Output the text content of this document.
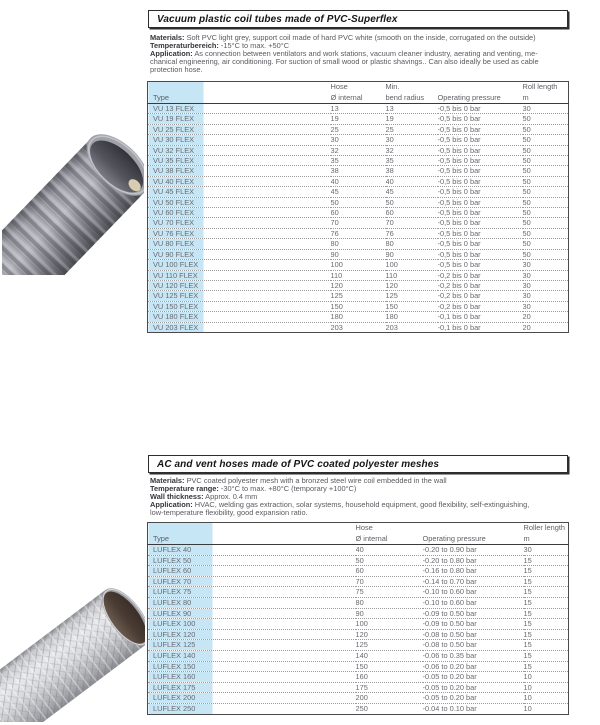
Vacuum plastic coil tubes made of PVC-Superflex
Materials: Soft PVC light grey, support coil made of hard PVC white (smooth on the inside, corrugated on the outside)
Temperaturbereich: -15°C to max. +50°C
Application: As connection between ventilators and work stations, vacuum cleaner industry, aerating and venting, me-
chanical engineering, air conditioning. For suction of small wood or plastic shavings.. Can also ideally be used as cable
protection hose.
	Hose	Min.		Roll length
Type	Ø internal	bend radius	Operating pressure	m
VU 13 FLEX	13	13	-0,5 bis 0 bar	30
VU 19 FLEX	19	19	-0,5 bis 0 bar	50
VU 25 FLEX	25	25	-0,5 bis 0 bar	50
VU 30 FLEX	30	30	-0,5 bis 0 bar	50
VU 32 FLEX	32	32	-0,5 bis 0 bar	50
VU 35 FLEX	35	35	-0,5 bis 0 bar	50
VU 38 FLEX	38	38	-0,5 bis 0 bar	50
VU 40 FLEX	40	40	-0,5 bis 0 bar	50
VU 45 FLEX	45	45	-0,5 bis 0 bar	50
VU 50 FLEX	50	50	-0,5 bis 0 bar	50
VU 60 FLEX	60	60	-0,5 bis 0 bar	50
VU 70 FLEX	70	70	-0,5 bis 0 bar	50
VU 76 FLEX	76	76	-0,5 bis 0 bar	50
VU 80 FLEX	80	80	-0,5 bis 0 bar	50
VU 90 FLEX	90	90	-0,5 bis 0 bar	50
VU 100 FLEX	100	100	-0,5 bis 0 bar	30
VU 110 FLEX	110	110	-0,2 bis 0 bar	30
VU 120 FLEX	120	120	-0,2 bis 0 bar	30
VU 125 FLEX	125	125	-0,2 bis 0 bar	30
VU 150 FLEX	150	150	-0,2 bis 0 bar	30
VU 180 FLEX	180	180	-0,1 bis 0 bar	20
VU 203 FLEX	203	203	-0,1 bis 0 bar	20
AC and vent hoses made of PVC coated polyester meshes
Materials: PVC coated polyester mesh with a bronzed steel wire coil embedded in the wall
Temperature range: -30°C to max. +80°C (temporary +100°C)
Wall thickness: Approx. 0.4 mm
Application: HVAC, welding gas extraction, solar systems, household equipment, good flexibility, self-extinguishing,
low-temperature flexibility, good expansion ratio.
	Hose		Roller length
Type	Ø internal	Operating pressure	m
LUFLEX 40	40	-0.20 to 0.90 bar	30
LUFLEX 50	50	-0.20 to 0.80 bar	15
LUFLEX 60	60	-0.16 to 0.80 bar	15
LUFLEX 70	70	-0.14 to 0.70 bar	15
LUFLEX 75	75	-0.10 to 0.60 bar	15
LUFLEX 80	80	-0.10 to 0.60 bar	15
LUFLEX 90	90	-0.09 to 0.50 bar	15
LUFLEX 100	100	-0.09 to 0.50 bar	15
LUFLEX 120	120	-0.08 to 0.50 bar	15
LUFLEX 125	125	-0.08 to 0.50 bar	15
LUFLEX 140	140	-0.06 to 0.35 bar	15
LUFLEX 150	150	-0.06 to 0.20 bar	15
LUFLEX 160	160	-0.05 to 0.20 bar	10
LUFLEX 175	175	-0.05 to 0.20 bar	10
LUFLEX 200	200	-0.05 to 0.20 bar	10
LUFLEX 250	250	-0.04 to 0.10 bar	10
